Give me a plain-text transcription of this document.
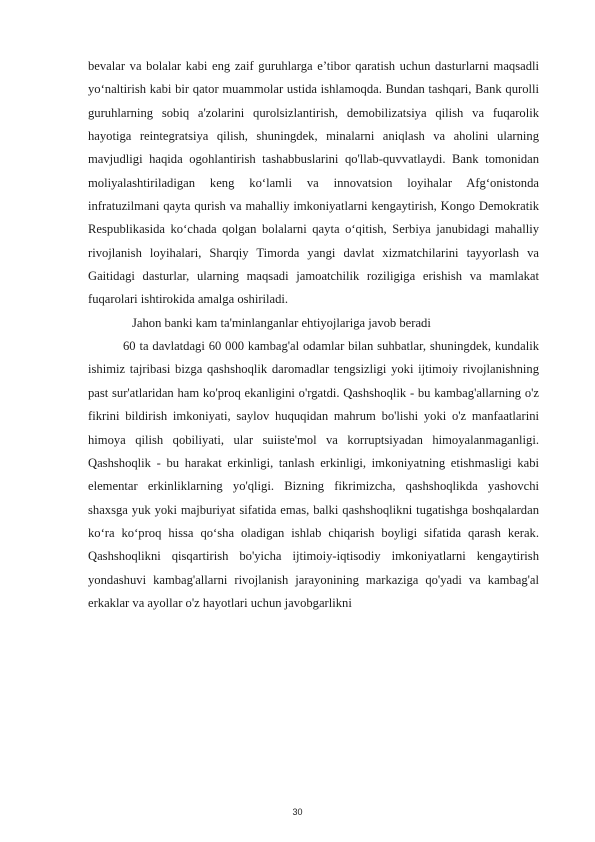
bevalar va bolalar kabi eng zaif guruhlarga e’tibor qaratish uchun dasturlarni maqsadli yo‘naltirish kabi bir qator muammolar ustida ishlamoqda. Bundan tashqari, Bank qurolli guruhlarning sobiq a'zolarini qurolsizlantirish, demobilizatsiya qilish va fuqarolik hayotiga reintegratsiya qilish, shuningdek, minalarni aniqlash va aholini ularning mavjudligi haqida ogohlantirish tashabbuslarini qo'llab-quvvatlaydi. Bank tomonidan moliyalashtiriladigan keng ko‘lamli va innovatsion loyihalar Afg‘onistonda infratuzilmani qayta qurish va mahalliy imkoniyatlarni kengaytirish, Kongo Demokratik Respublikasida ko‘chada qolgan bolalarni qayta o‘qitish, Serbiya janubidagi mahalliy rivojlanish loyihalari, Sharqiy Timorda yangi davlat xizmatchilarini tayyorlash va Gaitidagi dasturlar, ularning maqsadi jamoatchilik roziligiga erishish va mamlakat fuqarolari ishtirokida amalga oshiriladi.

Jahon banki kam ta'minlanganlar ehtiyojlariga javob beradi

60 ta davlatdagi 60 000 kambag'al odamlar bilan suhbatlar, shuningdek, kundalik ishimiz tajribasi bizga qashshoqlik daromadlar tengsizligi yoki ijtimoiy rivojlanishning past sur'atlaridan ham ko'proq ekanligini o'rgatdi. Qashshoqlik - bu kambag'allarning o'z fikrini bildirish imkoniyati, saylov huquqidan mahrum bo'lishi yoki o'z manfaatlarini himoya qilish qobiliyati, ular suiiste'mol va korruptsiyadan himoyalanmaganligi. Qashshoqlik - bu harakat erkinligi, tanlash erkinligi, imkoniyatning etishmasligi kabi elementar erkinliklarning yo'qligi. Bizning fikrimizcha, qashshoqlikda yashovchi shaxsga yuk yoki majburiyat sifatida emas, balki qashshoqlikni tugatishga boshqalardan ko‘ra ko‘proq hissa qo‘sha oladigan ishlab chiqarish boyligi sifatida qarash kerak. Qashshoqlikni qisqartirish bo'yicha ijtimoiy-iqtisodiy imkoniyatlarni kengaytirish yondashuvi kambag'allarni rivojlanish jarayonining markaziga qo'yadi va kambag'al erkaklar va ayollar o'z hayotlari uchun javobgarlikni

30
